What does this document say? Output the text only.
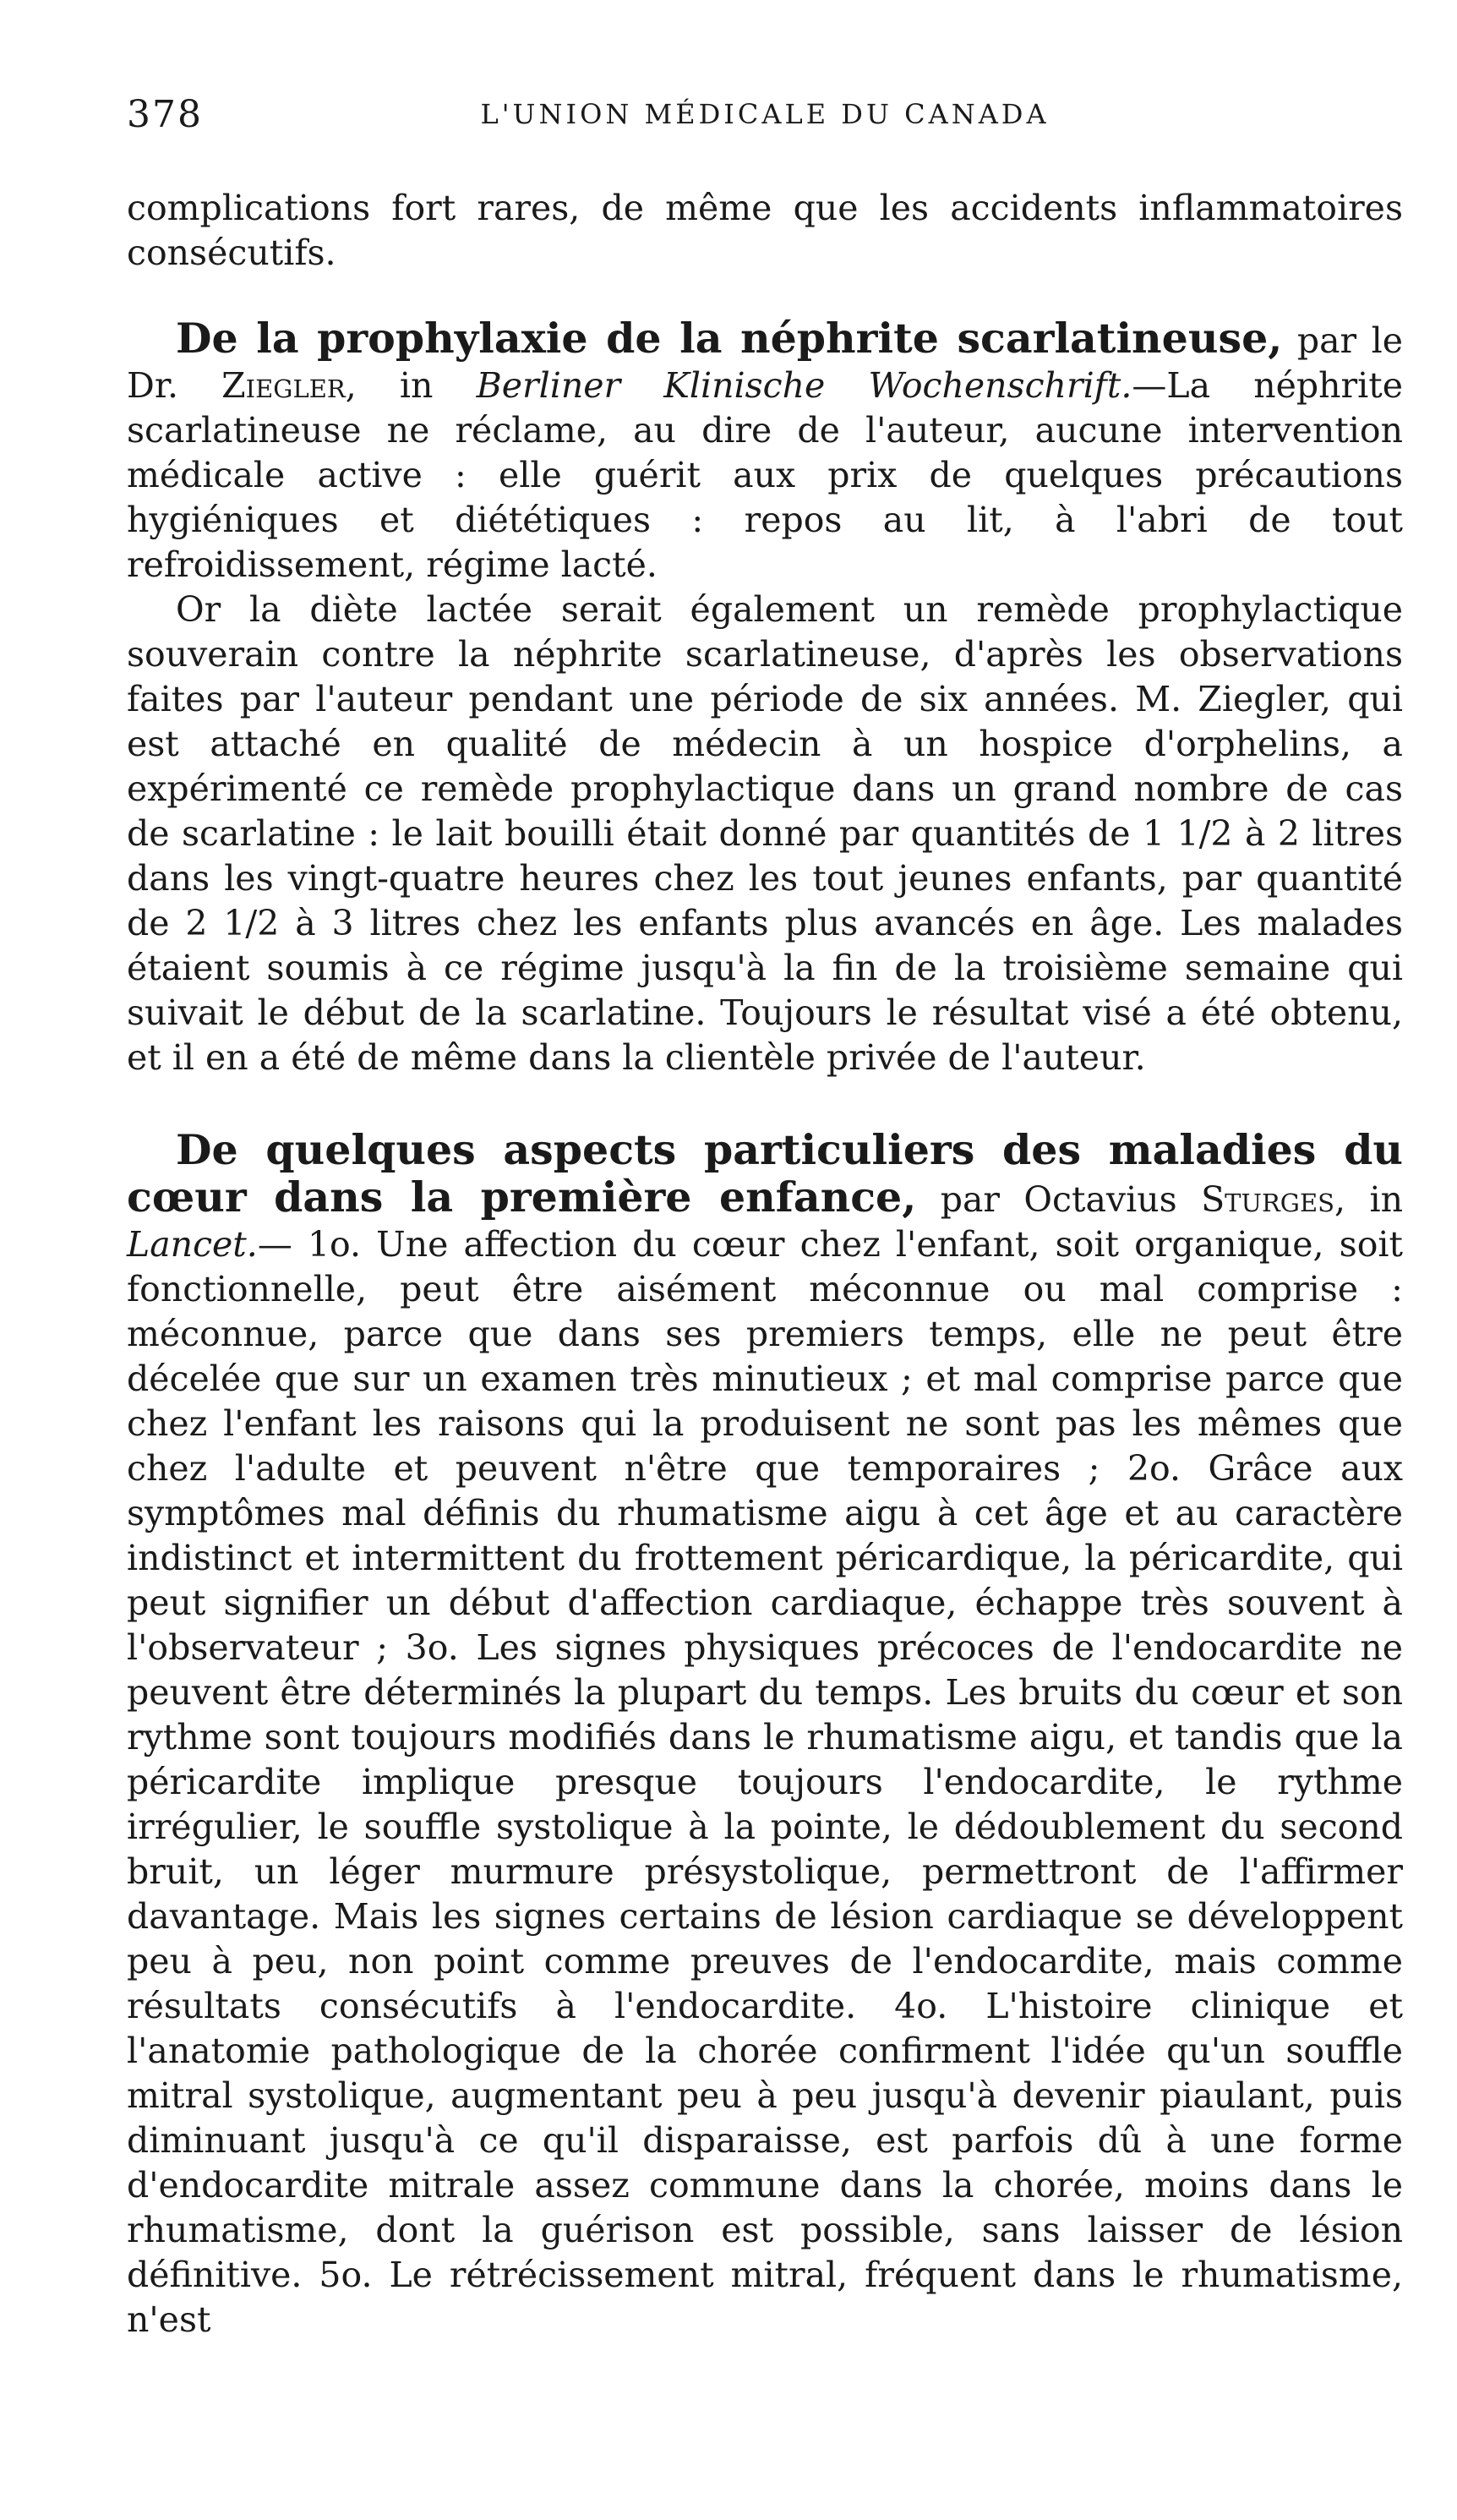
378	L'UNION MÉDICALE DU CANADA

complications fort rares, de même que les accidents inflammatoires consécutifs.

De la prophylaxie de la néphrite scarlatineuse, par le Dr. Ziegler, in Berliner Klinische Wochenschrift.—La néphrite scarlatineuse ne réclame, au dire de l'auteur, aucune intervention médicale active : elle guérit aux prix de quelques précautions hygiéniques et diététiques : repos au lit, à l'abri de tout refroidissement, régime lacté.

Or la diète lactée serait également un remède prophylactique souverain contre la néphrite scarlatineuse, d'après les observations faites par l'auteur pendant une période de six années. M. Ziegler, qui est attaché en qualité de médecin à un hospice d'orphelins, a expérimenté ce remède prophylactique dans un grand nombre de cas de scarlatine : le lait bouilli était donné par quantités de 1 1/2 à 2 litres dans les vingt-quatre heures chez les tout jeunes enfants, par quantité de 2 1/2 à 3 litres chez les enfants plus avancés en âge. Les malades étaient soumis à ce régime jusqu'à la fin de la troisième semaine qui suivait le début de la scarlatine. Toujours le résultat visé a été obtenu, et il en a été de même dans la clientèle privée de l'auteur.

De quelques aspects particuliers des maladies du cœur dans la première enfance, par Octavius Sturges, in Lancet.— 1o. Une affection du cœur chez l'enfant, soit organique, soit fonctionnelle, peut être aisément méconnue ou mal comprise : méconnue, parce que dans ses premiers temps, elle ne peut être décelée que sur un examen très minutieux ; et mal comprise parce que chez l'enfant les raisons qui la produisent ne sont pas les mêmes que chez l'adulte et peuvent n'être que temporaires ; 2o. Grâce aux symptômes mal définis du rhumatisme aigu à cet âge et au caractère indistinct et intermittent du frottement péricardique, la péricardite, qui peut signifier un début d'affection cardiaque, échappe très souvent à l'observateur ; 3o. Les signes physiques précoces de l'endocardite ne peuvent être déterminés la plupart du temps. Les bruits du cœur et son rythme sont toujours modifiés dans le rhumatisme aigu, et tandis que la péricardite implique presque toujours l'endocardite, le rythme irrégulier, le souffle systolique à la pointe, le dédoublement du second bruit, un léger murmure présystolique, permettront de l'affirmer davantage. Mais les signes certains de lésion cardiaque se développent peu à peu, non point comme preuves de l'endocardite, mais comme résultats consécutifs à l'endocardite. 4o. L'histoire clinique et l'anatomie pathologique de la chorée confirment l'idée qu'un souffle mitral systolique, augmentant peu à peu jusqu'à devenir piaulant, puis diminuant jusqu'à ce qu'il disparaisse, est parfois dû à une forme d'endocardite mitrale assez commune dans la chorée, moins dans le rhumatisme, dont la guérison est possible, sans laisser de lésion définitive. 5o. Le rétrécissement mitral, fréquent dans le rhumatisme, n'est
